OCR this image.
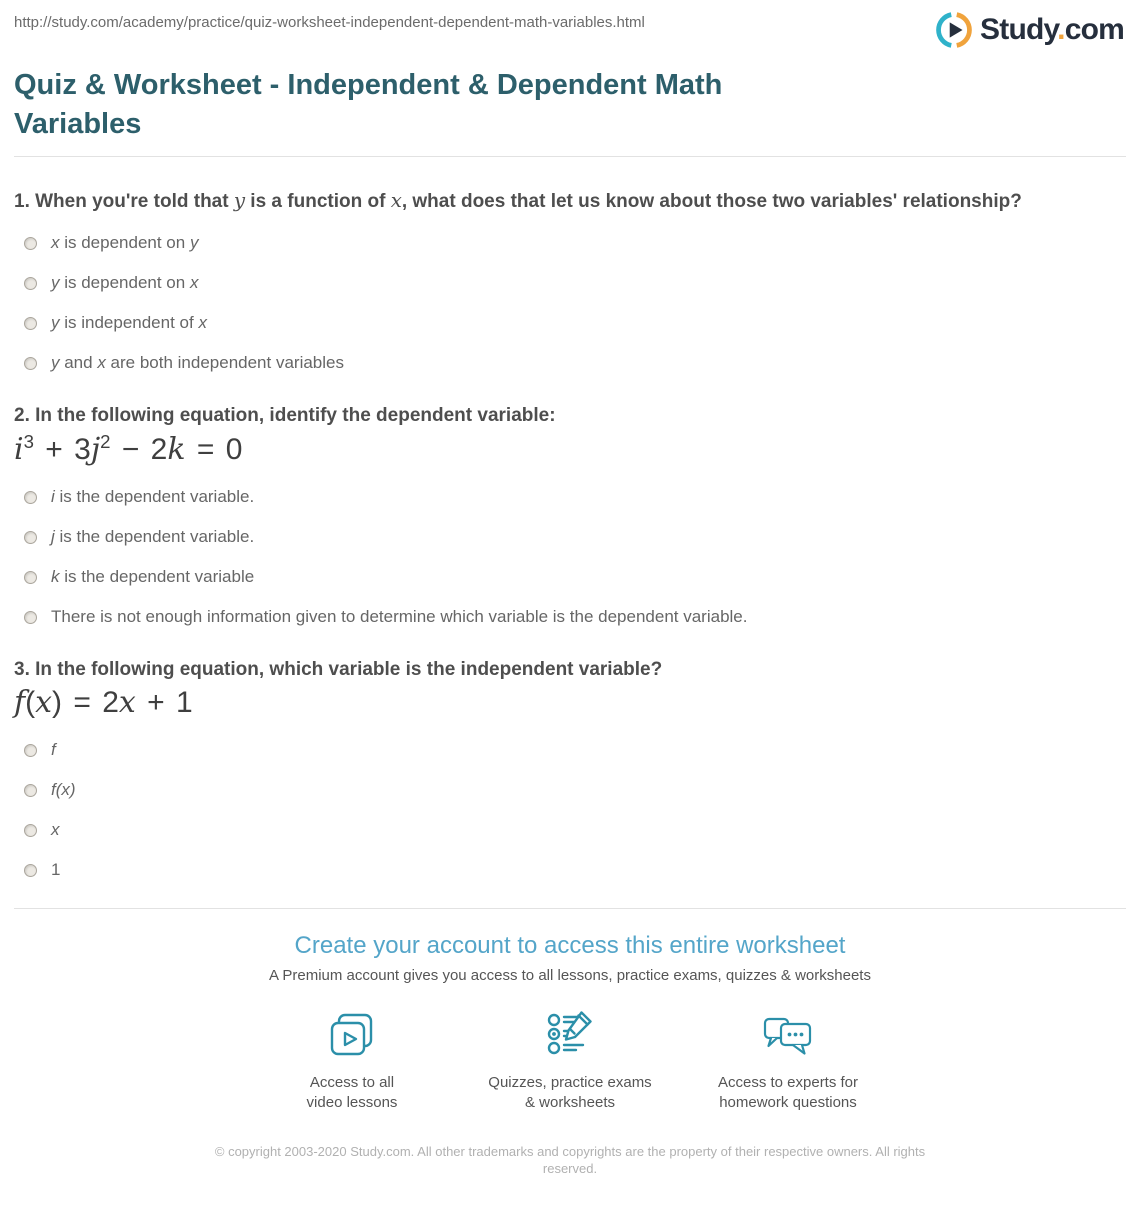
http://study.com/academy/practice/quiz-worksheet-independent-dependent-math-variables.html	Study.com
Quiz & Worksheet - Independent & Dependent Math Variables
1. When you're told that y is a function of x, what does that let us know about those two variables' relationship?
x is dependent on y
y is dependent on x
y is independent of x
y and x are both independent variables
2. In the following equation, identify the dependent variable:
$i^3 + 3j^2 - 2k = 0$
i is the dependent variable.
j is the dependent variable.
k is the dependent variable
There is not enough information given to determine which variable is the dependent variable.
3. In the following equation, which variable is the independent variable?
f(x) = 2x + 1
f
f(x)
x
1
Create your account to access this entire worksheet
A Premium account gives you access to all lessons, practice exams, quizzes & worksheets
Access to all
video lessons
Quizzes, practice exams
& worksheets
Access to experts for
homework questions
© copyright 2003-2020 Study.com. All other trademarks and copyrights are the property of their respective owners. All rights reserved.
